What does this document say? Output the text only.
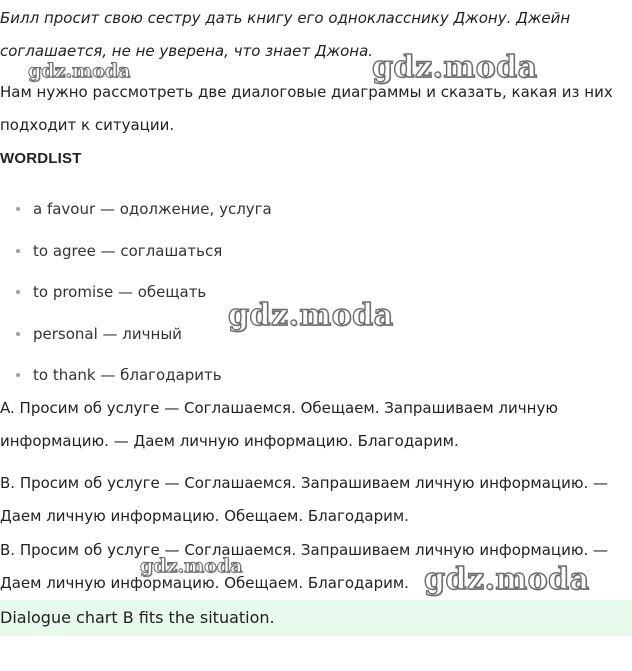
Билл просит свою сестру дать книгу его однокласснику Джону. Джейн соглашается, не не уверена, что знает Джона.

Нам нужно рассмотреть две диалоговые диаграммы и сказать, какая из них подходит к ситуации.

WORDLIST
a favour — одолжение, услуга
to agree — соглашаться
to promise — обещать
personal — личный
to thank — благодарить

A. Просим об услуге — Соглашаемся. Обещаем. Запрашиваем личную информацию. — Даем личную информацию. Благодарим.

B. Просим об услуге — Соглашаемся. Запрашиваем личную информацию. — Даем личную информацию. Обещаем. Благодарим.

B. Просим об услуге — Соглашаемся. Запрашиваем личную информацию. — Даем личную информацию. Обещаем. Благодарим.

Dialogue chart B fits the situation.
gdz.moda	gdz.moda
gdz.moda
gdz.moda	gdz.moda
